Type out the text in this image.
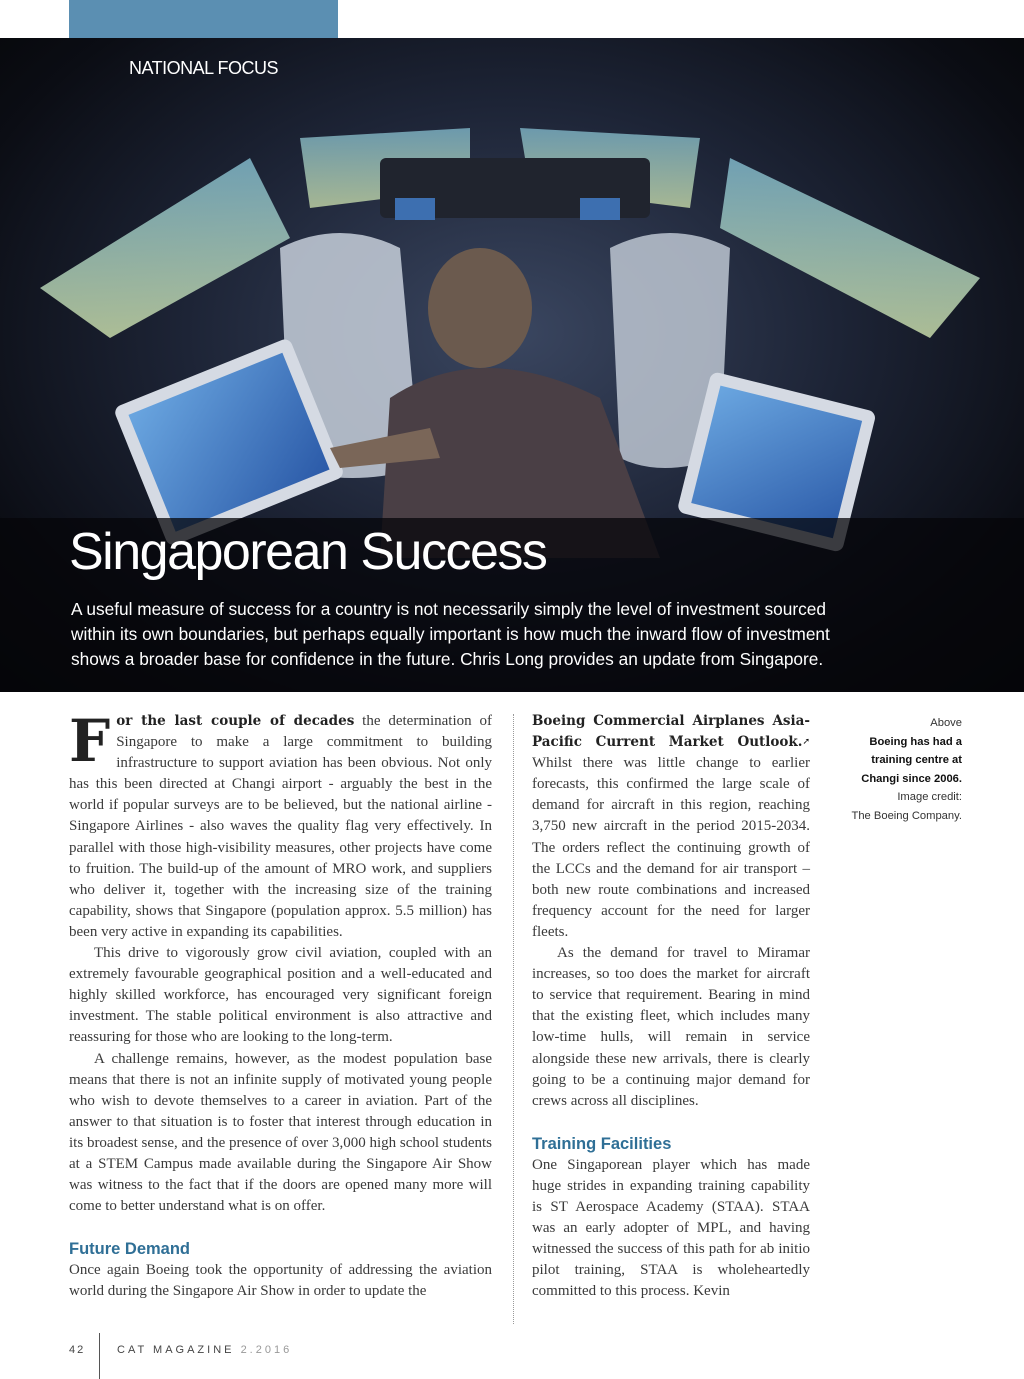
NATIONAL FOCUS

Singaporean Success

A useful measure of success for a country is not necessarily simply the level of investment sourced within its own boundaries, but perhaps equally important is how much the inward flow of investment shows a broader base for confidence in the future. Chris Long provides an update from Singapore.

For the last couple of decades the determination of Singapore to make a large commitment to building infrastructure to support aviation has been obvious. Not only has this been directed at Changi airport - arguably the best in the world if popular surveys are to be believed, but the national airline - Singapore Airlines - also waves the quality flag very effectively. In parallel with those high-visibility measures, other projects have come to fruition. The build-up of the amount of MRO work, and suppliers who deliver it, together with the increasing size of the training capability, shows that Singapore (population approx. 5.5 million) has been very active in expanding its capabilities.

This drive to vigorously grow civil aviation, coupled with an extremely favourable geographical position and a well-educated and highly skilled workforce, has encouraged very significant foreign investment. The stable political environment is also attractive and reassuring for those who are looking to the long-term.

A challenge remains, however, as the modest population base means that there is not an infinite supply of motivated young people who wish to devote themselves to a career in aviation. Part of the answer to that situation is to foster that interest through education in its broadest sense, and the presence of over 3,000 high school students at a STEM Campus made available during the Singapore Air Show was witness to the fact that if the doors are opened many more will come to better understand what is on offer.

Future Demand

Once again Boeing took the opportunity of addressing the aviation world during the Singapore Air Show in order to update the

Boeing Commercial Airplanes Asia-Pacific Current Market Outlook.➚ Whilst there was little change to earlier forecasts, this confirmed the large scale of demand for aircraft in this region, reaching 3,750 new aircraft in the period 2015-2034. The orders reflect the continuing growth of the LCCs and the demand for air transport – both new route combinations and increased frequency account for the need for larger fleets.

As the demand for travel to Miramar increases, so too does the market for aircraft to service that requirement. Bearing in mind that the existing fleet, which includes many low-time hulls, will remain in service alongside these new arrivals, there is clearly going to be a continuing major demand for crews across all disciplines.

Training Facilities

One Singaporean player which has made huge strides in expanding training capability is ST Aerospace Academy (STAA). STAA was an early adopter of MPL, and having witnessed the success of this path for ab initio pilot training, STAA is wholeheartedly committed to this process. Kevin

Above
Boeing has had a training centre at Changi since 2006.
Image credit:
The Boeing Company.
42	CAT MAGAZINE 2.2016
